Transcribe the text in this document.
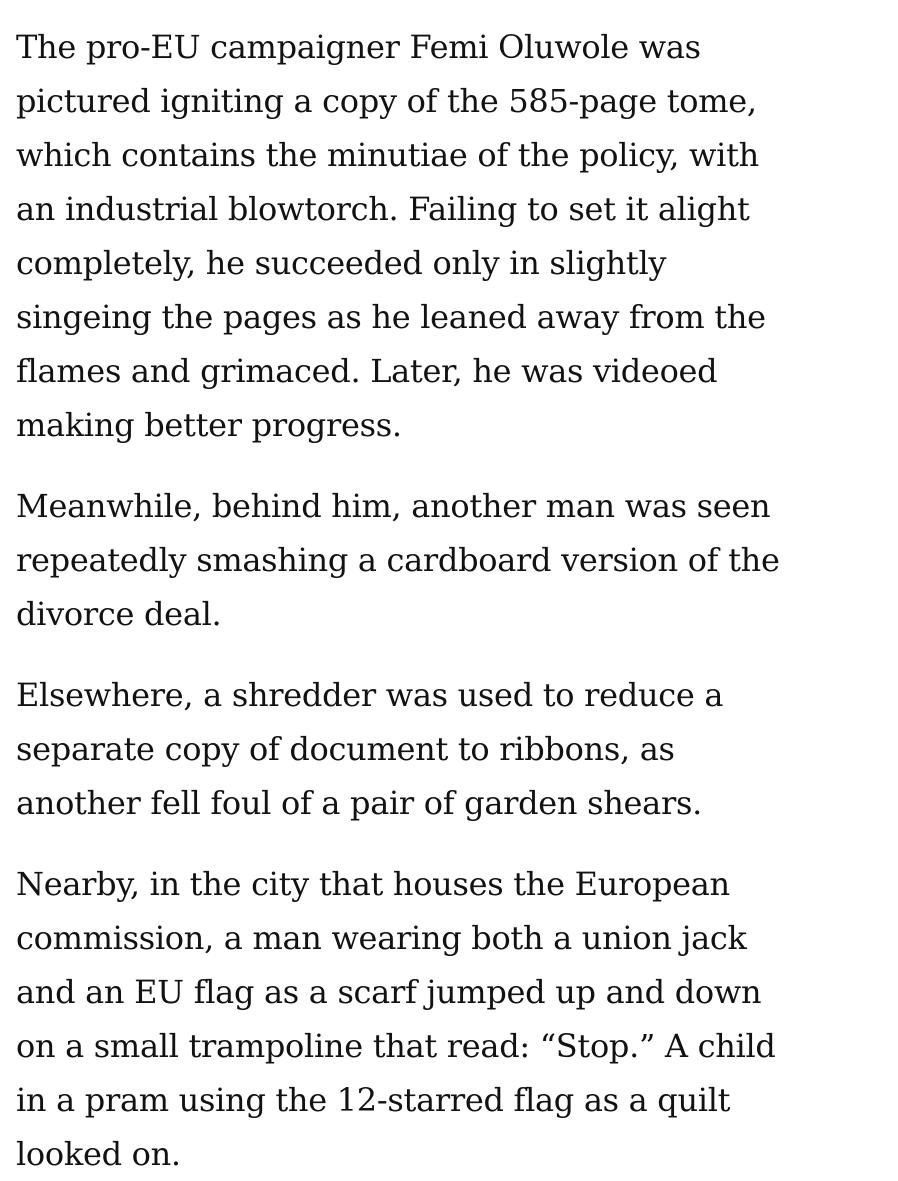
The pro-EU campaigner Femi Oluwole was
pictured igniting a copy of the 585-page tome,
which contains the minutiae of the policy, with
an industrial blowtorch. Failing to set it alight
completely, he succeeded only in slightly
singeing the pages as he leaned away from the
flames and grimaced. Later, he was videoed
making better progress.

Meanwhile, behind him, another man was seen
repeatedly smashing a cardboard version of the
divorce deal.

Elsewhere, a shredder was used to reduce a
separate copy of document to ribbons, as
another fell foul of a pair of garden shears.

Nearby, in the city that houses the European
commission, a man wearing both a union jack
and an EU flag as a scarf jumped up and down
on a small trampoline that read: “Stop.” A child
in a pram using the 12-starred flag as a quilt
looked on.
